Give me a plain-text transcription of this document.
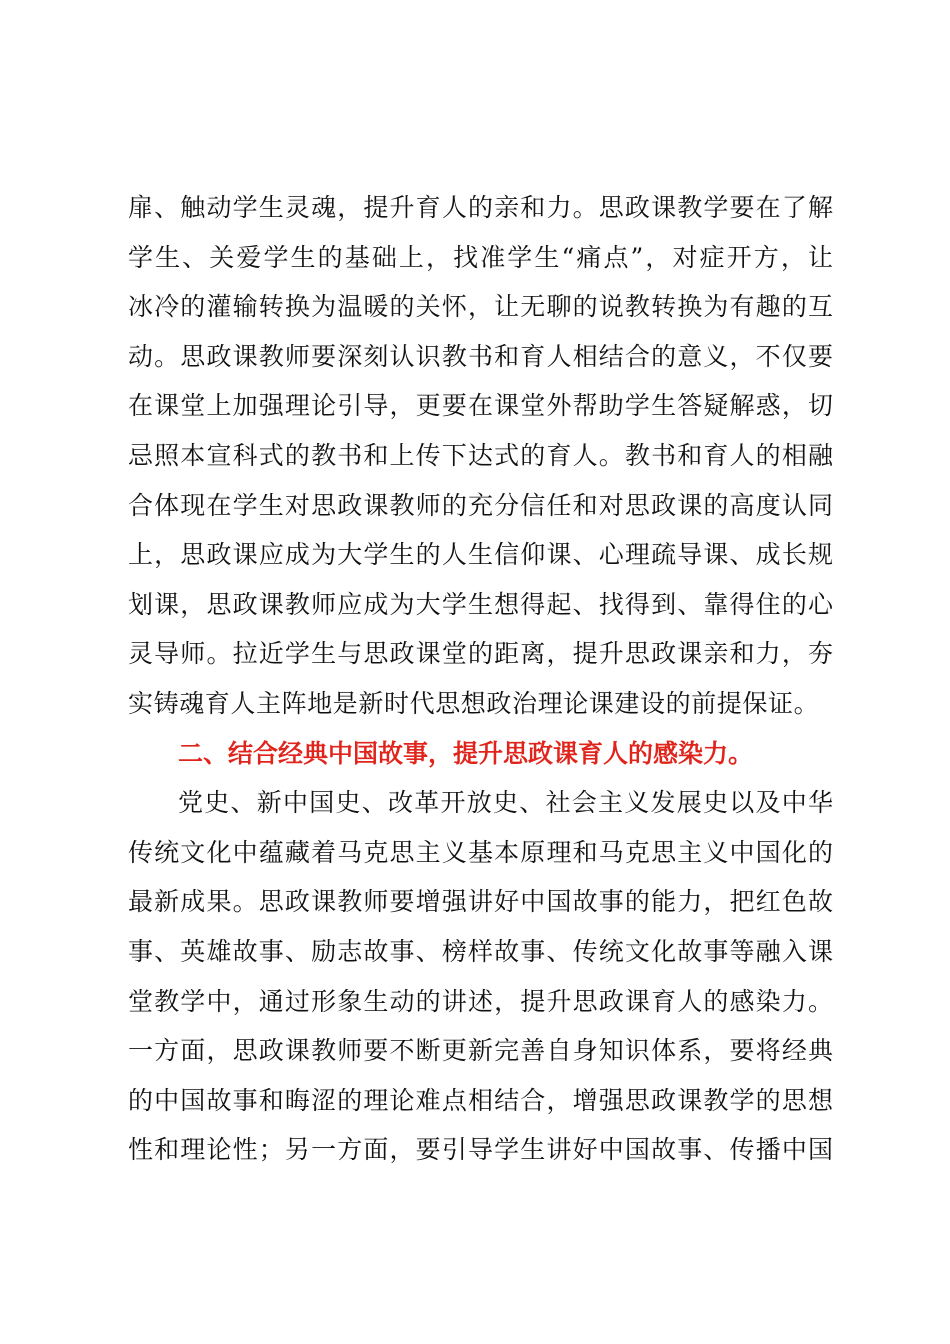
扉、触动学生灵魂，提升育人的亲和力。思政课教学要在了解
学生、关爱学生的基础上，找准学生“痛点”，对症开方，让
冰冷的灌输转换为温暖的关怀，让无聊的说教转换为有趣的互
动。思政课教师要深刻认识教书和育人相结合的意义，不仅要
在课堂上加强理论引导，更要在课堂外帮助学生答疑解惑，切
忌照本宣科式的教书和上传下达式的育人。教书和育人的相融
合体现在学生对思政课教师的充分信任和对思政课的高度认同
上，思政课应成为大学生的人生信仰课、心理疏导课、成长规
划课，思政课教师应成为大学生想得起、找得到、靠得住的心
灵导师。拉近学生与思政课堂的距离，提升思政课亲和力，夯
实铸魂育人主阵地是新时代思想政治理论课建设的前提保证。
二、结合经典中国故事，提升思政课育人的感染力。
党史、新中国史、改革开放史、社会主义发展史以及中华
传统文化中蕴藏着马克思主义基本原理和马克思主义中国化的
最新成果。思政课教师要增强讲好中国故事的能力，把红色故
事、英雄故事、励志故事、榜样故事、传统文化故事等融入课
堂教学中，通过形象生动的讲述，提升思政课育人的感染力。
一方面，思政课教师要不断更新完善自身知识体系，要将经典
的中国故事和晦涩的理论难点相结合，增强思政课教学的思想
性和理论性；另一方面，要引导学生讲好中国故事、传播中国
